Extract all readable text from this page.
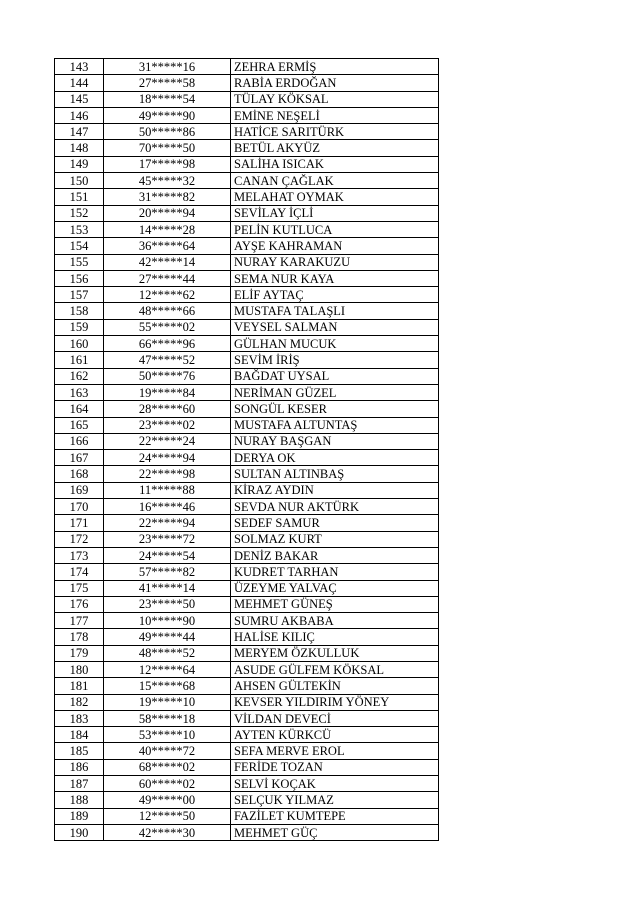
143	31*****16	ZEHRA ERMİŞ
144	27*****58	RABİA ERDOĞAN
145	18*****54	TÜLAY KÖKSAL
146	49*****90	EMİNE NEŞELİ
147	50*****86	HATİCE SARITÜRK
148	70*****50	BETÜL AKYÜZ
149	17*****98	SALİHA ISICAK
150	45*****32	CANAN ÇAĞLAK
151	31*****82	MELAHAT OYMAK
152	20*****94	SEVİLAY İÇLİ
153	14*****28	PELİN KUTLUCA
154	36*****64	AYŞE KAHRAMAN
155	42*****14	NURAY KARAKUZU
156	27*****44	SEMA NUR KAYA
157	12*****62	ELİF AYTAÇ
158	48*****66	MUSTAFA TALAŞLI
159	55*****02	VEYSEL SALMAN
160	66*****96	GÜLHAN MUCUK
161	47*****52	SEVİM İRİŞ
162	50*****76	BAĞDAT UYSAL
163	19*****84	NERİMAN GÜZEL
164	28*****60	SONGÜL KESER
165	23*****02	MUSTAFA ALTUNTAŞ
166	22*****24	NURAY BAŞGAN
167	24*****94	DERYA OK
168	22*****98	SULTAN ALTINBAŞ
169	11*****88	KİRAZ AYDIN
170	16*****46	SEVDA NUR AKTÜRK
171	22*****94	SEDEF SAMUR
172	23*****72	SOLMAZ KURT
173	24*****54	DENİZ BAKAR
174	57*****82	KUDRET TARHAN
175	41*****14	ÜZEYME YALVAÇ
176	23*****50	MEHMET GÜNEŞ
177	10*****90	SUMRU AKBABA
178	49*****44	HALİSE KILIÇ
179	48*****52	MERYEM ÖZKULLUK
180	12*****64	ASUDE GÜLFEM KÖKSAL
181	15*****68	AHSEN GÜLTEKİN
182	19*****10	KEVSER YILDIRIM YÖNEY
183	58*****18	VİLDAN DEVECİ
184	53*****10	AYTEN KÜRKCÜ
185	40*****72	SEFA MERVE EROL
186	68*****02	FERİDE TOZAN
187	60*****02	SELVİ KOÇAK
188	49*****00	SELÇUK YILMAZ
189	12*****50	FAZİLET KUMTEPE
190	42*****30	MEHMET GÜÇ
